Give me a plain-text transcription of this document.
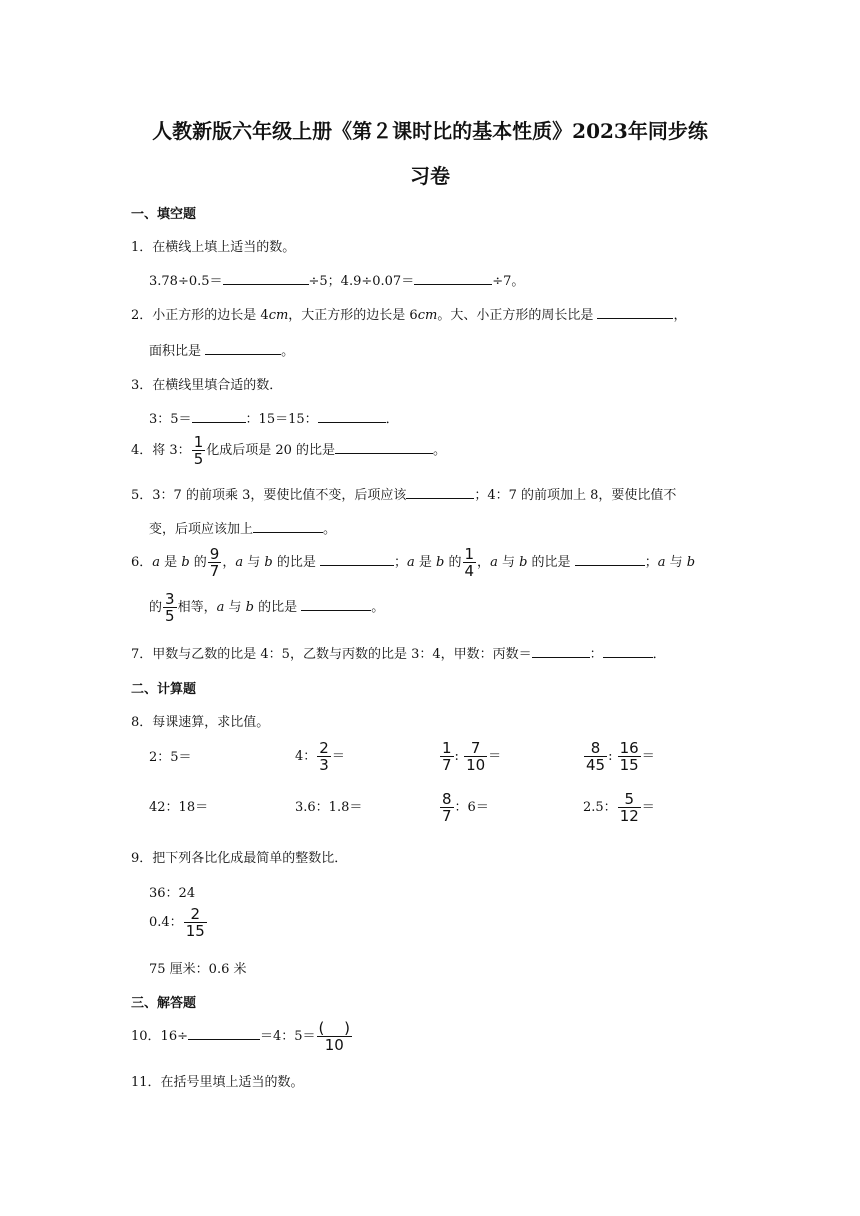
人教新版六年级上册《第２课时比的基本性质》2023年同步练
习卷
一、填空题
1．在横线上填上适当的数。
3.78÷0.5＝	÷5；4.9÷0.07＝	÷7。
2．小正方形的边长是 4cm，大正方形的边长是 6cm。大、小正方形的周长比是	，
面积比是	。
3．在横线里填合适的数．
3：5＝	：15＝15：	．
4．将 3： $\frac{1}{5}$ 化成后项是 20 的比是	。
5．3：7 的前项乘 3，要使比值不变，后项应该	；4：7 的前项加上 8，要使比值不
变，后项应该加上	。
6．a 是 b 的 $\frac{9}{7}$ ，a 与 b 的比是	；a 是 b 的 $\frac{1}{4}$ ，a 与 b 的比是	；a 与 b
的 $\frac{3}{5}$ 相等，a 与 b 的比是	。
7．甲数与乙数的比是 4：5，乙数与丙数的比是 3：4，甲数：丙数＝	：	．
二、计算题
8．每课速算，求比值。
2：5＝	4： $\frac{2}{3}$ ＝	$\frac{1}{7}$ : $\frac{7}{10}$ ＝	$\frac{8}{45}$ : $\frac{16}{15}$ ＝
42：18＝	3.6：1.8＝	$\frac{8}{7}$ ：6＝	2.5： $\frac{5}{12}$ ＝
9．把下列各比化成最简单的整数比．
36：24
0.4： $\frac{2}{15}$
75 厘米：0.6 米
三、解答题
10．16÷	＝4：$5= \frac{( )}{10}$
11．在括号里填上适当的数。
